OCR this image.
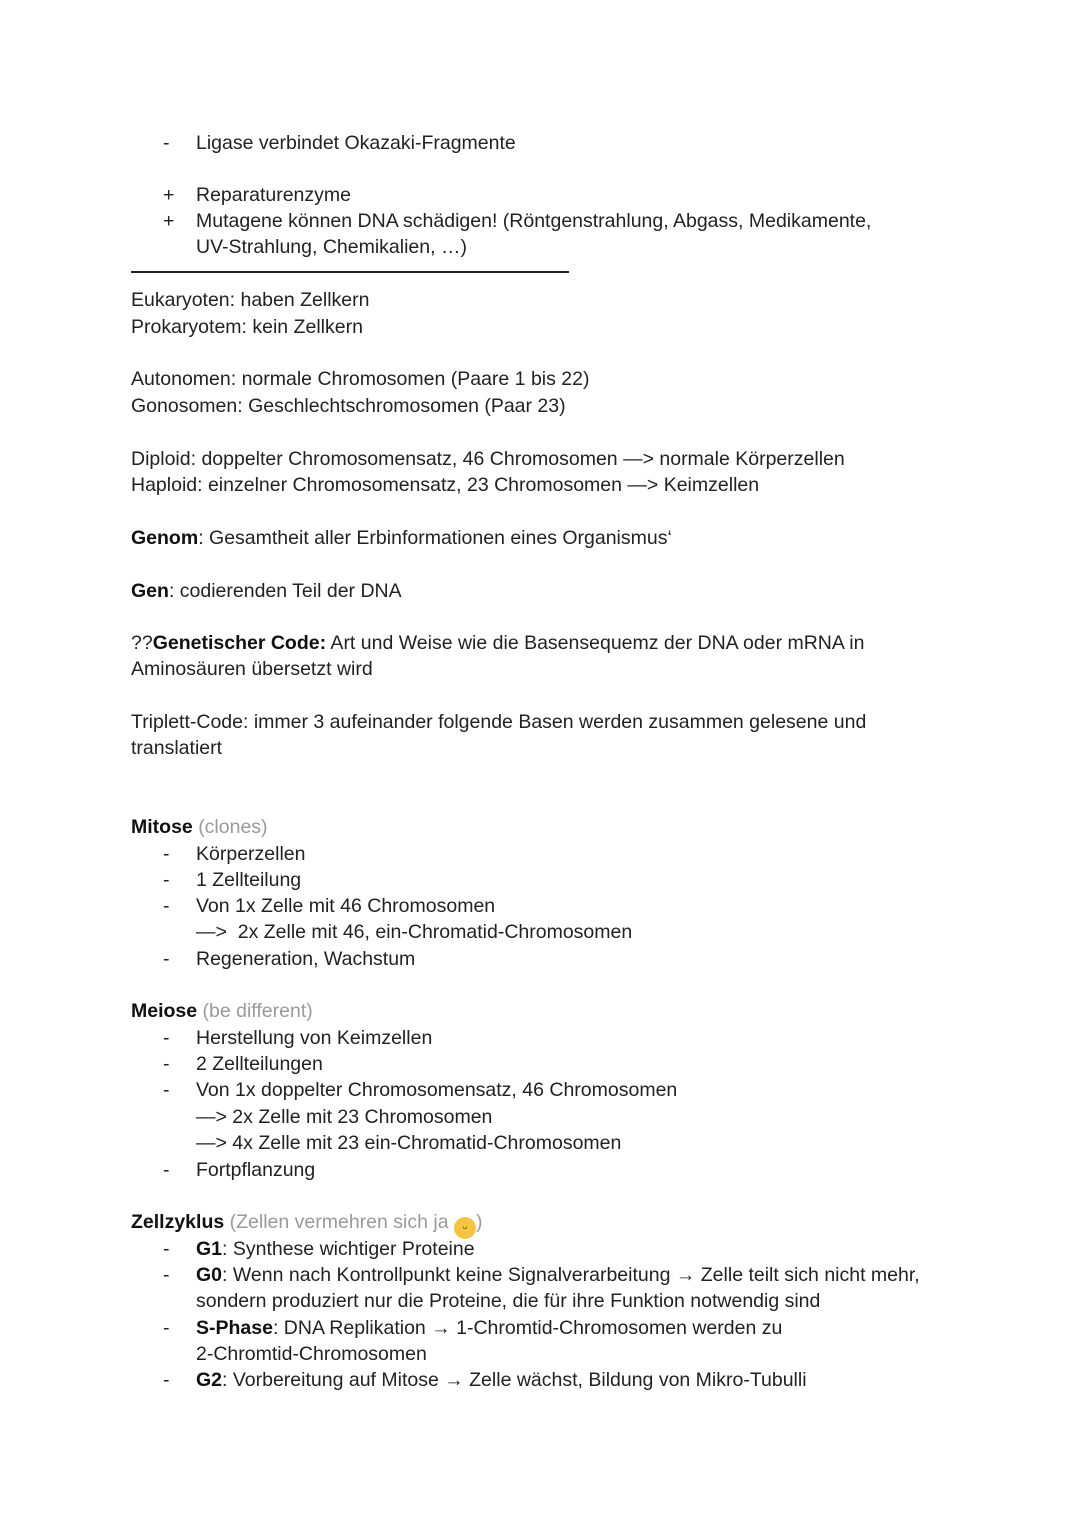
- Ligase verbindet Okazaki-Fragmente
+ Reparaturenzyme
+ Mutagene können DNA schädigen! (Röntgenstrahlung, Abgass, Medikamente,
UV-Strahlung, Chemikalien, …)
Eukaryoten: haben Zellkern
Prokaryotem: kein Zellkern
Autonomen: normale Chromosomen (Paare 1 bis 22)
Gonosomen: Geschlechtschromosomen (Paar 23)
Diploid: doppelter Chromosomensatz, 46 Chromosomen —> normale Körperzellen
Haploid: einzelner Chromosomensatz, 23 Chromosomen —> Keimzellen
Genom: Gesamtheit aller Erbinformationen eines Organismus‘
Gen: codierenden Teil der DNA
??Genetischer Code: Art und Weise wie die Basensequemz der DNA oder mRNA in
Aminosäuren übersetzt wird
Triplett-Code: immer 3 aufeinander folgende Basen werden zusammen gelesene und
translatiert
Mitose (clones)
- Körperzellen
- 1 Zellteilung
- Von 1x Zelle mit 46 Chromosomen
—>  2x Zelle mit 46, ein-Chromatid-Chromosomen
- Regeneration, Wachstum
Meiose (be different)
- Herstellung von Keimzellen
- 2 Zellteilungen
- Von 1x doppelter Chromosomensatz, 46 Chromosomen
—> 2x Zelle mit 23 Chromosomen
—> 4x Zelle mit 23 ein-Chromatid-Chromosomen
- Fortpflanzung
Zellzyklus (Zellen vermehren sich ja ᵕ )
- G1: Synthese wichtiger Proteine
- G0: Wenn nach Kontrollpunkt keine Signalverarbeitung → Zelle teilt sich nicht mehr,
sondern produziert nur die Proteine, die für ihre Funktion notwendig sind
- S-Phase: DNA Replikation → 1-Chromtid-Chromosomen werden zu
2-Chromtid-Chromosomen
- G2: Vorbereitung auf Mitose → Zelle wächst, Bildung von Mikro-Tubulli
